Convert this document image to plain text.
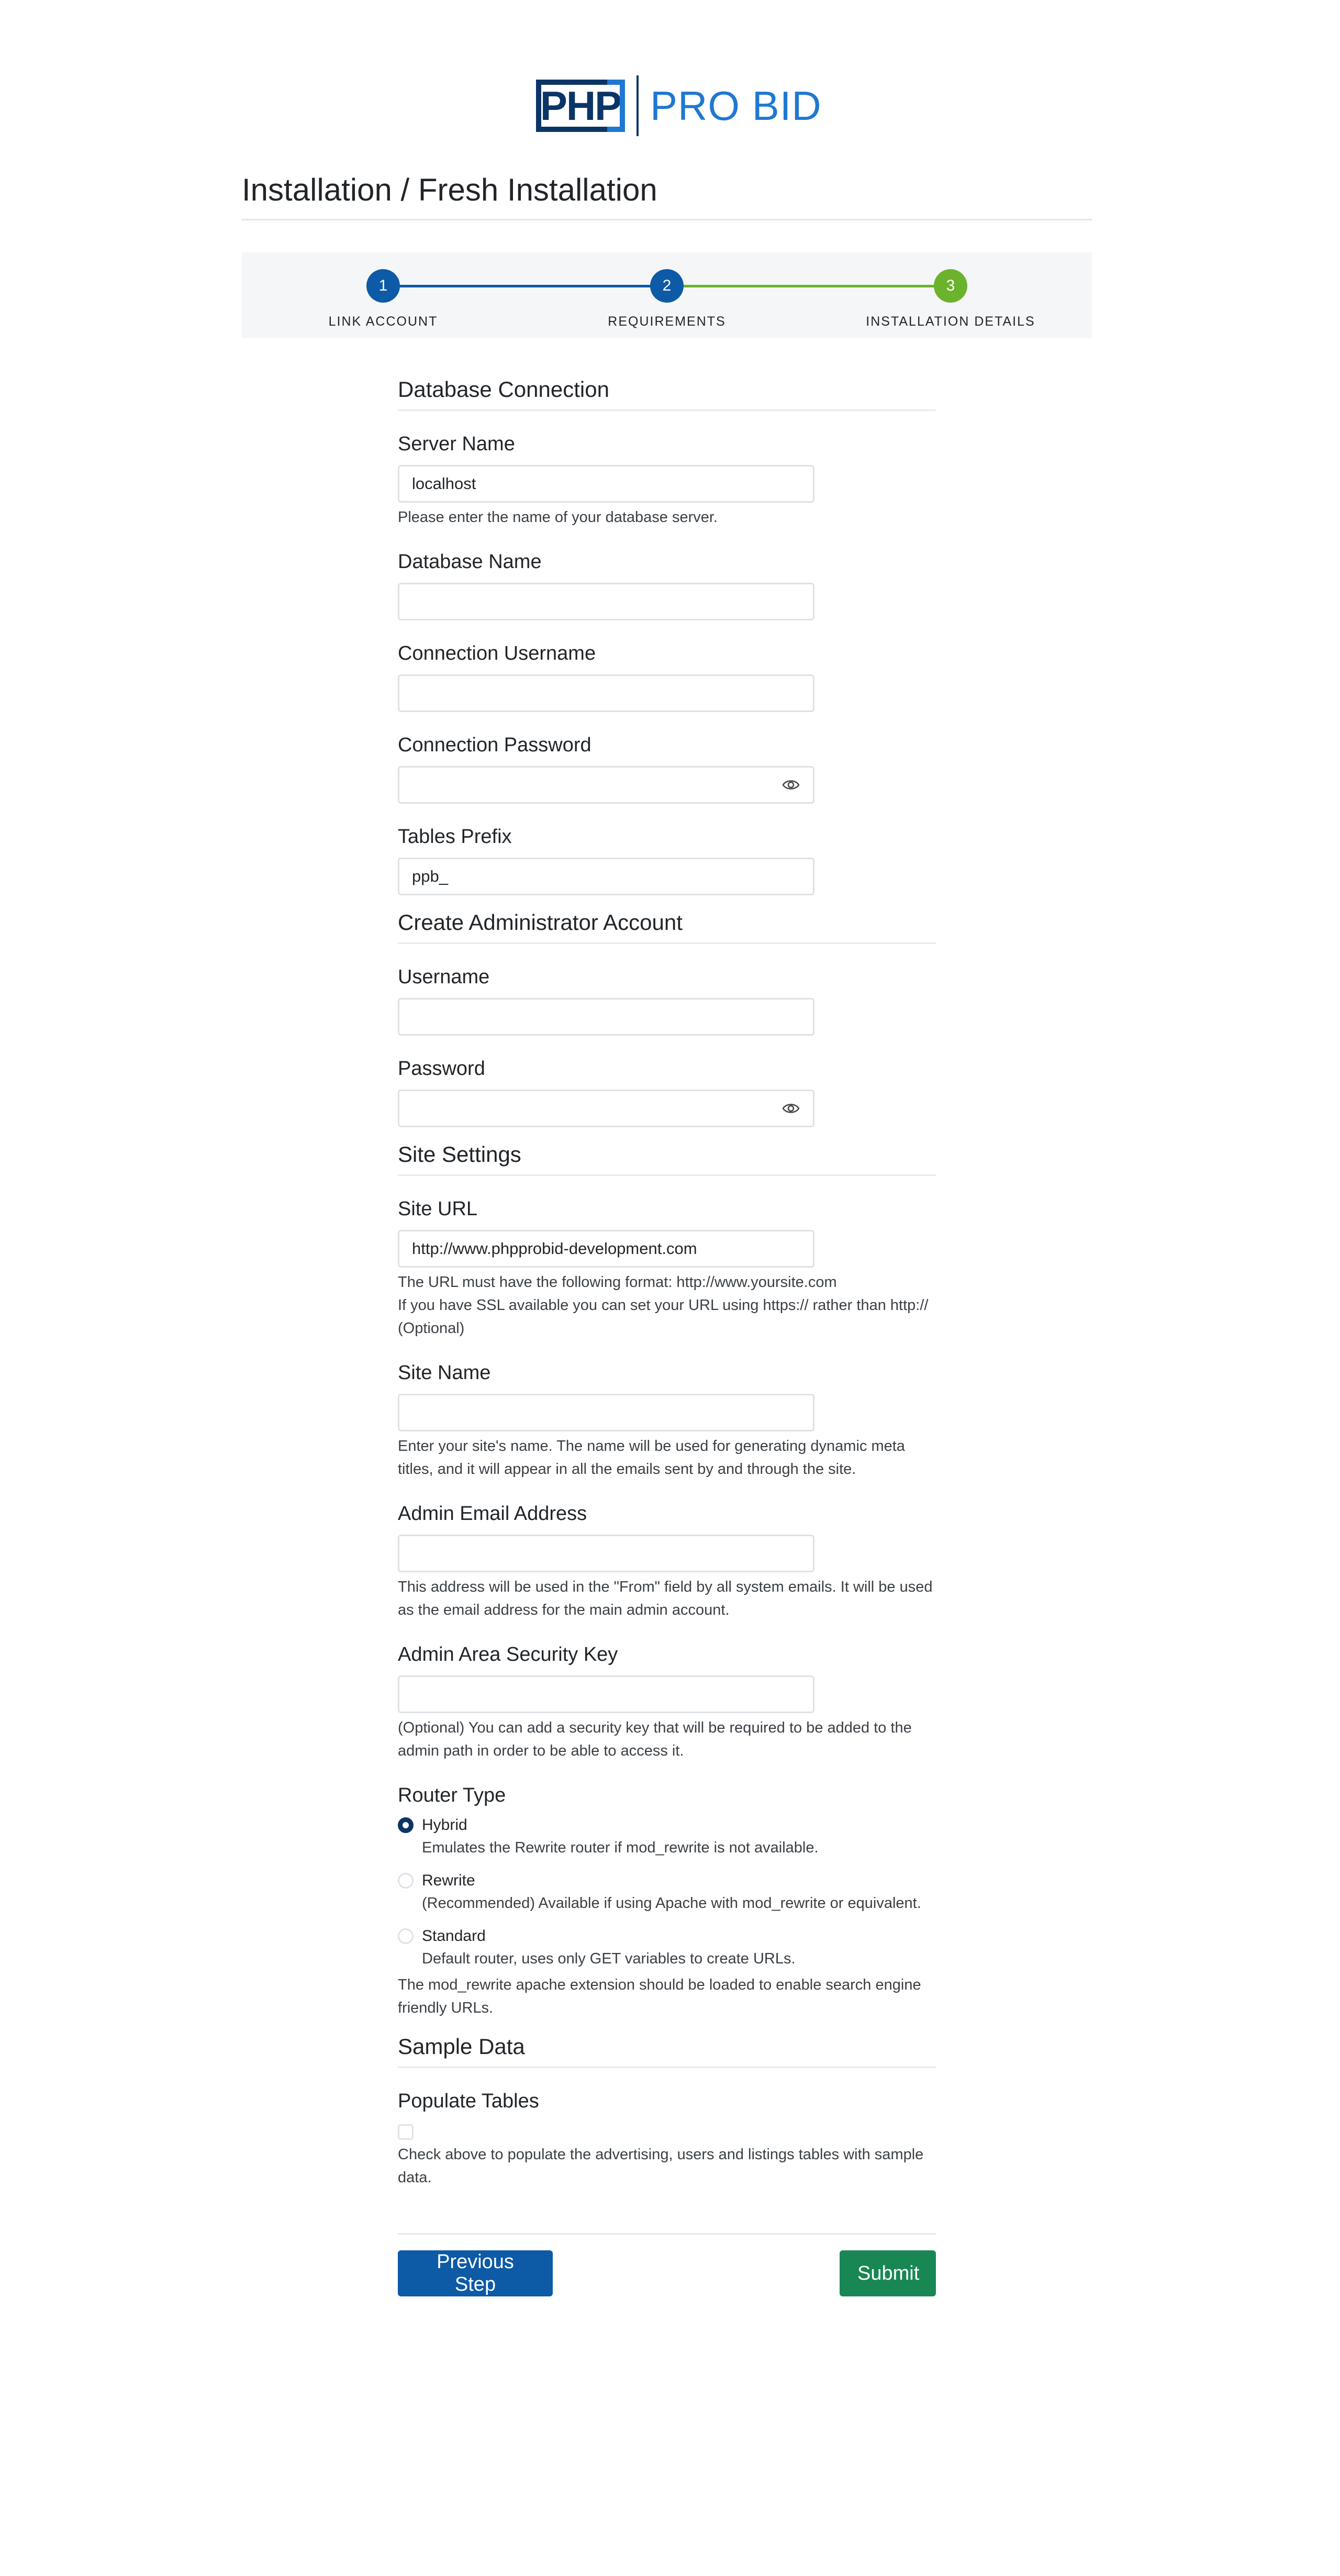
PHP PRO BID
Installation / Fresh Installation
1	2	3
LINK ACCOUNT	REQUIREMENTS	INSTALLATION DETAILS
Database Connection
Server Name
localhost
Please enter the name of your database server.
Database Name
Connection Username
Connection Password
Tables Prefix
ppb_
Create Administrator Account
Username
Password
Site Settings
Site URL
http://www.phpprobid-development.com
The URL must have the following format: http://www.yoursite.com
If you have SSL available you can set your URL using https:// rather than http:// (Optional)
Site Name
Enter your site's name. The name will be used for generating dynamic meta titles, and it will appear in all the emails sent by and through the site.
Admin Email Address
This address will be used in the "From" field by all system emails. It will be used as the email address for the main admin account.
Admin Area Security Key
(Optional) You can add a security key that will be required to be added to the admin path in order to be able to access it.
Router Type
Hybrid
Emulates the Rewrite router if mod_rewrite is not available.
Rewrite
(Recommended) Available if using Apache with mod_rewrite or equivalent.
Standard
Default router, uses only GET variables to create URLs.
The mod_rewrite apache extension should be loaded to enable search engine friendly URLs.
Sample Data
Populate Tables
Check above to populate the advertising, users and listings tables with sample data.
Previous Step
Submit
